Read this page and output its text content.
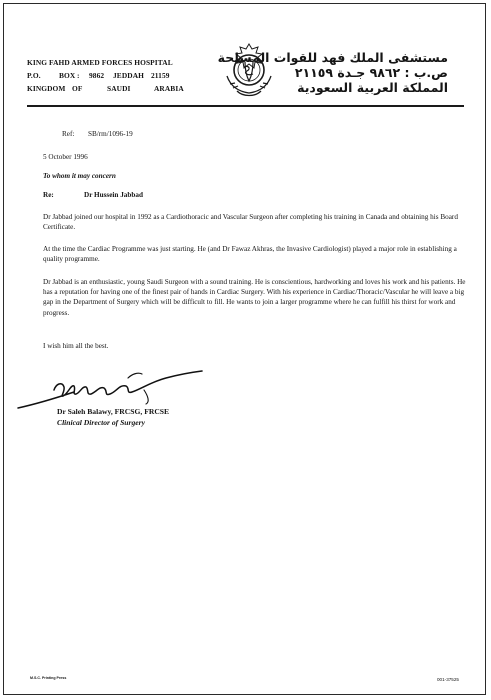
KING FAHD ARMED FORCES HOSPITAL
P.O. BOX : 9862 JEDDAH 21159
KINGDOM OF	SAUDI	ARABIA
مستشفى الملك فهد للقوات المسلحة
ص.ب : ٩٨٦٢ جـدة ٢١١٥٩
المملكة العربية السعودية
Ref: SB/rm/1096-19
5 October 1996
To whom it may concern
Re:	Dr Hussein Jabbad
Dr Jabbad joined our hospital in 1992 as a Cardiothoracic and Vascular Surgeon after completing his training in Canada and obtaining his Board Certificate.
At the time the Cardiac Programme was just starting. He (and Dr Fawaz Akhras, the Invasive Cardiologist) played a major role in establishing a quality programme.
Dr Jabbad is an enthusiastic, young Saudi Surgeon with a sound training. He is conscientious, hardworking and loves his work and his patients. He has a reputation for having one of the finest pair of hands in Cardiac Surgery. With his experience in Cardiac/Thoracic/Vascular he will leave a big gap in the Department of Surgery which will be difficult to fill. He wants to join a larger programme where he can fulfill his thirst for work and progress.
I wish him all the best.
Dr Saleh Balawy, FRCSG, FRCSE
Clinical Director of Surgery
M.S.C. Printing Press	001-37525
